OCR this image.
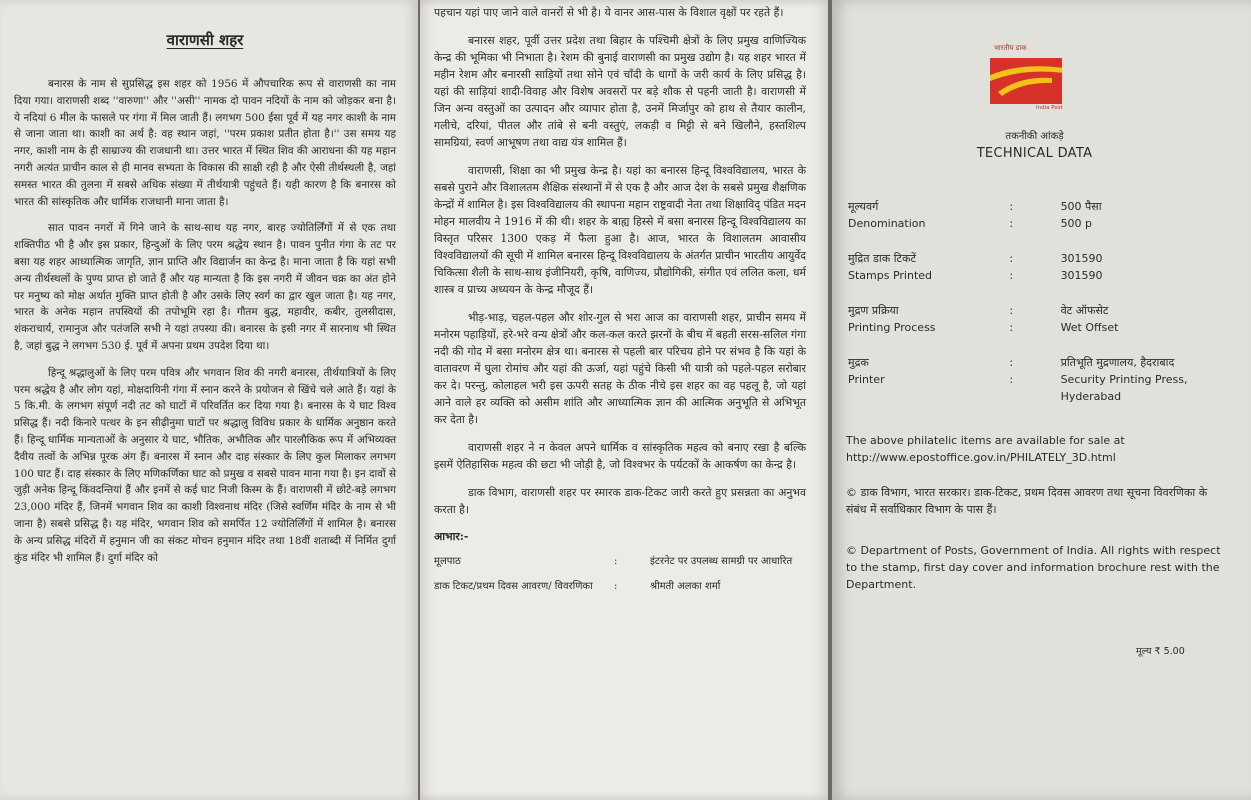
वाराणसी शहर

बनारस के नाम से सुप्रसिद्ध इस शहर को 1956 में औपचारिक रूप से वाराणसी का नाम दिया गया। वाराणसी शब्द ''वारुणा'' और ''असी'' नामक दो पावन नदियों के नाम को जोड़कर बना है। ये नदियां 6 मील के फासले पर गंगा में मिल जाती हैं। लगभग 500 ईसा पूर्व में यह नगर काशी के नाम से जाना जाता था। काशी का अर्थ है: वह स्थान जहां, ''परम प्रकाश प्रतीत होता है।'' उस समय यह नगर, काशी नाम के ही साम्राज्य की राजधानी था। उत्तर भारत में स्थित शिव की आराधना की यह महान नगरी अत्यंत प्राचीन काल से ही मानव सभ्यता के विकास की साक्षी रही है और ऐसी तीर्थस्थली है, जहां समस्त भारत की तुलना में सबसे अधिक संख्या में तीर्थयात्री पहुंचते हैं। यही कारण है कि बनारस को भारत की सांस्कृतिक और धार्मिक राजधानी माना जाता है।

सात पावन नगरों में गिने जाने के साथ-साथ यह नगर, बारह ज्योतिर्लिंगों में से एक तथा शक्तिपीठ भी है और इस प्रकार, हिन्दुओं के लिए परम श्रद्धेय स्थान है। पावन पुनीत गंगा के तट पर बसा यह शहर आध्यात्मिक जागृति, ज्ञान प्राप्ति और विद्यार्जन का केन्द्र है। माना जाता है कि यहां सभी अन्य तीर्थस्थलों के पुण्य प्राप्त हो जाते हैं और यह मान्यता है कि इस नगरी में जीवन चक्र का अंत होने पर मनुष्य को मोक्ष अर्थात मुक्ति प्राप्त होती है और उसके लिए स्वर्ग का द्वार खुल जाता है। यह नगर, भारत के अनेक महान तपस्वियों की तपोभूमि रहा है। गौतम बुद्ध, महावीर, कबीर, तुलसीदास, शंकराचार्य, रामानुज और पतंजलि सभी ने यहां तपस्या की। बनारस के इसी नगर में सारनाथ भी स्थित है, जहां बुद्ध ने लगभग 530 ई. पूर्व में अपना प्रथम उपदेश दिया था।

हिन्दू श्रद्धालुओं के लिए परम पवित्र और भगवान शिव की नगरी बनारस, तीर्थयात्रियों के लिए परम श्रद्धेय है और लोग यहां, मोक्षदायिनी गंगा में स्नान करने के प्रयोजन से खिंचे चले आते हैं। यहां के 5 कि.मी. के लगभग संपूर्ण नदी तट को घाटों में परिवर्तित कर दिया गया है। बनारस के ये घाट विश्व प्रसिद्ध हैं। नदी किनारे पत्थर के इन सीढ़ीनुमा घाटों पर श्रद्धालु विविध प्रकार के धार्मिक अनुष्ठान करते हैं। हिन्दू धार्मिक मान्यताओं के अनुसार ये घाट, भौतिक, अभौतिक और पारलौकिक रूप में अभिव्यक्त दैवीय तत्वों के अभिन्न पूरक अंग हैं। बनारस में स्नान और दाह संस्कार के लिए कुल मिलाकर लगभग 100 घाट हैं। दाह संस्कार के लिए मणिकर्णिका घाट को प्रमुख व सबसे पावन माना गया है। इन दावों से जुड़ी अनेक हिन्दू किंवदन्तियां हैं और इनमें से कई घाट निजी किस्म के हैं। वाराणसी में छोटे-बड़े लगभग 23,000 मंदिर हैं, जिनमें भगवान शिव का काशी विश्वनाथ मंदिर (जिसे स्वर्णिम मंदिर के नाम से भी जाना है) सबसे प्रसिद्ध है। यह मंदिर, भगवान शिव को समर्पित 12 ज्योतिर्लिंगों में शामिल है। बनारस के अन्य प्रसिद्ध मंदिरों में हनुमान जी का संकट मोचन हनुमान मंदिर तथा 18वीं शताब्दी में निर्मित दुर्गा कुंड मंदिर भी शामिल हैं। दुर्गा मंदिर को

पहचान यहां पाए जाने वाले वानरों से भी है। ये वानर आस-पास के विशाल वृक्षों पर रहते हैं।

बनारस शहर, पूर्वी उत्तर प्रदेश तथा बिहार के पश्चिमी क्षेत्रों के लिए प्रमुख वाणिज्यिक केन्द्र की भूमिका भी निभाता है। रेशम की बुनाई वाराणसी का प्रमुख उद्योग है। यह शहर भारत में महीन रेशम और बनारसी साड़ियों तथा सोने एवं चाँदी के धागों के जरी कार्य के लिए प्रसिद्ध है। यहां की साड़ियां शादी-विवाह और विशेष अवसरों पर बड़े शौक से पहनी जाती है। वाराणसी में जिन अन्य वस्तुओं का उत्पादन और व्यापार होता है, उनमें मिर्जापुर को हाथ से तैयार कालीन, गलीचे, दरियां, पीतल और तांबे से बनी वस्तुएं, लकड़ी व मिट्टी से बने खिलौने, हस्तशिल्प सामग्रियां, स्वर्ण आभूषण तथा वाद्य यंत्र शामिल हैं।

वाराणसी, शिक्षा का भी प्रमुख केन्द्र है। यहां का बनारस हिन्दू विश्वविद्यालय, भारत के सबसे पुराने और विशालतम शैक्षिक संस्थानों में से एक है और आज देश के सबसे प्रमुख शैक्षणिक केन्द्रों में शामिल है। इस विश्वविद्यालय की स्थापना महान राष्ट्रवादी नेता तथा शिक्षाविद् पंडित मदन मोहन मालवीय ने 1916 में की थी। शहर के बाह्य हिस्से में बसा बनारस हिन्दू विश्वविद्यालय का विस्तृत परिसर 1300 एकड़ में फैला हुआ है। आज, भारत के विशालतम आवासीय विश्वविद्यालयों की सूची में शामिल बनारस हिन्दू विश्वविद्यालय के अंतर्गत प्राचीन भारतीय आयुर्वेद चिकित्सा शैली के साथ-साथ इंजीनियरी, कृषि, वाणिज्य, प्रौद्योगिकी, संगीत एवं ललित कला, धर्म शास्त्र व प्राच्य अध्ययन के केन्द्र मौजूद हैं।

भीड़-भाड़, चहल-पहल और शोर-गुल से भरा आज का वाराणसी शहर, प्राचीन समय में मनोरम पहाड़ियों, हरे-भरे वन्य क्षेत्रों और कल-कल करते झरनों के बीच में बहती सरस-सलिल गंगा नदी की गोद में बसा मनोरम क्षेत्र था। बनारस से पहली बार परिचय होने पर संभव है कि यहां के वातावरण में घुला रोमांच और यहां की ऊर्जा, यहां पहुंचे किसी भी यात्री को पहले-पहल सरोबार कर दे। परन्तु, कोलाहल भरी इस ऊपरी सतह के ठीक नीचे इस शहर का वह पहलू है, जो यहां आने वाले हर व्यक्ति को असीम शांति और आध्यात्मिक ज्ञान की आत्मिक अनुभूति से अभिभूत कर देता है।

वाराणसी शहर ने न केवल अपने धार्मिक व सांस्कृतिक महत्व को बनाए रखा है बल्कि इसमें ऐतिहासिक महत्व की छटा भी जोड़ी है, जो विश्वभर के पर्यटकों के आकर्षण का केन्द्र है।

डाक विभाग, वाराणसी शहर पर स्मारक डाक-टिकट जारी करते हुए प्रसन्नता का अनुभव करता है।

आभार:-
मूलपाठ	:	इंटरनेट पर उपलब्ध सामग्री पर आधारित
डाक टिकट/प्रथम दिवस आवरण/ विवरणिका	:	श्रीमती अलका शर्मा
भारतीय डाक
India Post
तकनीकी आंकड़े
TECHNICAL DATA
मूल्यवर्ग	:	500 पैसा
Denomination	:	500 p
मुद्रित डाक टिकटें	:	301590
Stamps Printed	:	301590
मुद्रण प्रक्रिया	:	वेट ऑफसेट
Printing Process	:	Wet Offset
मुद्रक	:	प्रतिभूति मुद्रणालय, हैदराबाद
Printer	:	Security Printing Press, Hyderabad
The above philatelic items are available for sale at http://www.epostoffice.gov.in/PHILATELY_3D.html
© डाक विभाग, भारत सरकार। डाक-टिकट, प्रथम दिवस आवरण तथा सूचना विवरणिका के संबंध में सर्वाधिकार विभाग के पास हैं।
© Department of Posts, Government of India. All rights with respect to the stamp, first day cover and information brochure rest with the Department.
मूल्य ₹ 5.00
